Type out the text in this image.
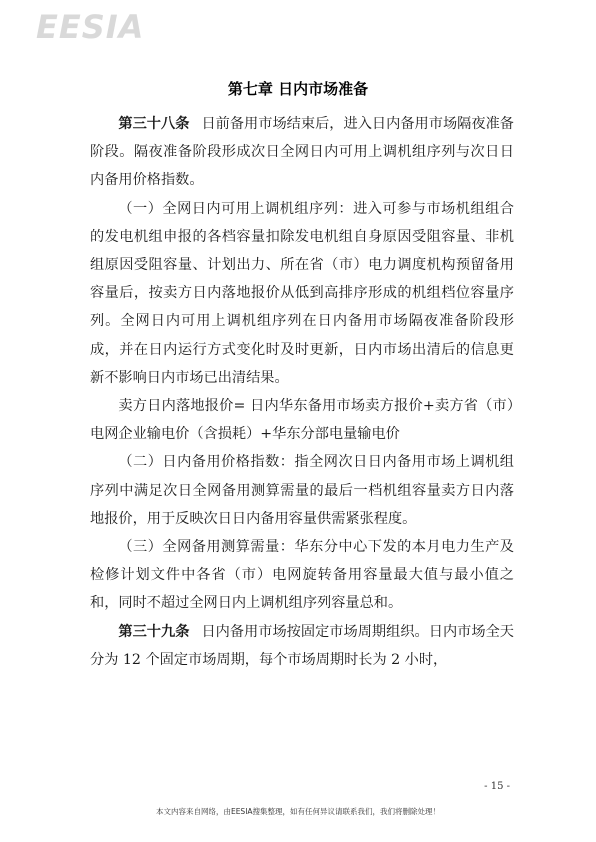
EESIA
第七章 日内市场准备

第三十八条 日前备用市场结束后，进入日内备用市场隔夜准备阶段。隔夜准备阶段形成次日全网日内可用上调机组序列与次日日内备用价格指数。

（一）全网日内可用上调机组序列：进入可参与市场机组组合的发电机组申报的各档容量扣除发电机组自身原因受阻容量、非机组原因受阻容量、计划出力、所在省（市）电力调度机构预留备用容量后，按卖方日内落地报价从低到高排序形成的机组档位容量序列。全网日内可用上调机组序列在日内备用市场隔夜准备阶段形成，并在日内运行方式变化时及时更新，日内市场出清后的信息更新不影响日内市场已出清结果。

卖方日内落地报价= 日内华东备用市场卖方报价+卖方省（市）电网企业输电价（含损耗）+华东分部电量输电价

（二）日内备用价格指数：指全网次日日内备用市场上调机组序列中满足次日全网备用测算需量的最后一档机组容量卖方日内落地报价，用于反映次日日内备用容量供需紧张程度。

（三）全网备用测算需量：华东分中心下发的本月电力生产及检修计划文件中各省（市）电网旋转备用容量最大值与最小值之和，同时不超过全网日内上调机组序列容量总和。

第三十九条 日内备用市场按固定市场周期组织。日内市场全天分为 12 个固定市场周期，每个市场周期时长为 2 小时，

- 15 -
本文内容来自网络，由EESIA搜集整理，如有任何异议请联系我们，我们将删除处理！
